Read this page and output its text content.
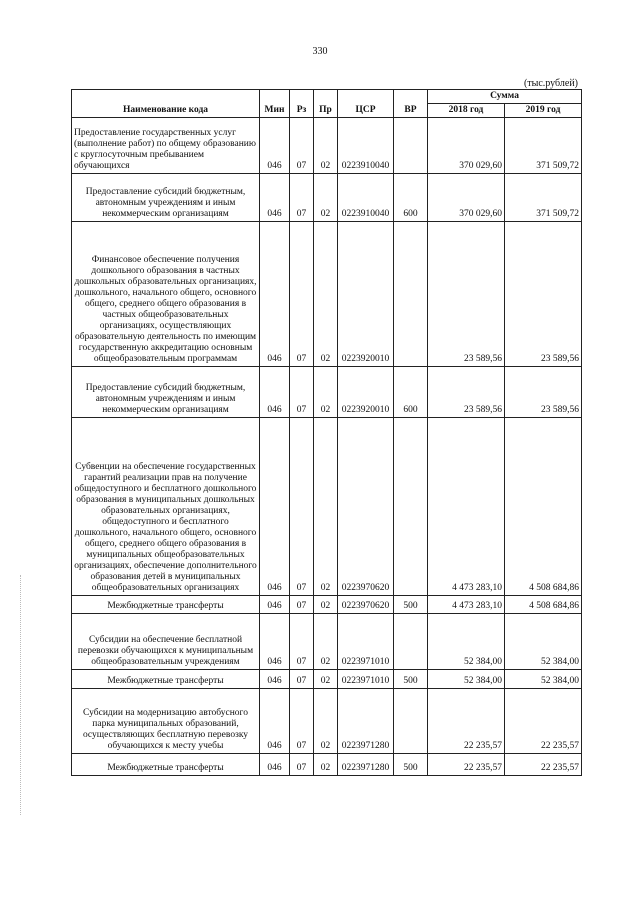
330
(тыс.рублей)
Наименование кода	Мин	Рз	Пр	ЦСР	ВР	Сумма	
						2018 год	2019 год
Предоставление государственных услуг (выполнение работ) по общему образованию с круглосуточным пребыванием обучающихся	046	07	02	0223910040		370 029,60	371 509,72
Предоставление субсидий бюджетным, автономным учреждениям и иным некоммерческим организациям	046	07	02	0223910040	600	370 029,60	371 509,72
Финансовое обеспечение получения дошкольного образования в частных дошкольных образовательных организациях, дошкольного, начального общего, основного общего, среднего общего образования в частных общеобразовательных организациях, осуществляющих образовательную деятельность по имеющим государственную аккредитацию основным общеобразовательным программам	046	07	02	0223920010		23 589,56	23 589,56
Предоставление субсидий бюджетным, автономным учреждениям и иным некоммерческим организациям	046	07	02	0223920010	600	23 589,56	23 589,56
Субвенции на обеспечение государственных гарантий реализации прав на получение общедоступного и бесплатного дошкольного образования в муниципальных дошкольных образовательных организациях, общедоступного и бесплатного дошкольного, начального общего, основного общего, среднего общего образования в муниципальных общеобразовательных организациях, обеспечение дополнительного образования детей в муниципальных общеобразовательных организациях	046	07	02	0223970620		4 473 283,10	4 508 684,86
Межбюджетные трансферты	046	07	02	0223970620	500	4 473 283,10	4 508 684,86
Субсидии на обеспечение бесплатной перевозки обучающихся к муниципальным общеобразовательным учреждениям	046	07	02	0223971010		52 384,00	52 384,00
Межбюджетные трансферты	046	07	02	0223971010	500	52 384,00	52 384,00
Субсидии на модернизацию автобусного парка муниципальных образований, осуществляющих бесплатную перевозку обучающихся к месту учебы	046	07	02	0223971280		22 235,57	22 235,57
Межбюджетные трансферты	046	07	02	0223971280	500	22 235,57	22 235,57
